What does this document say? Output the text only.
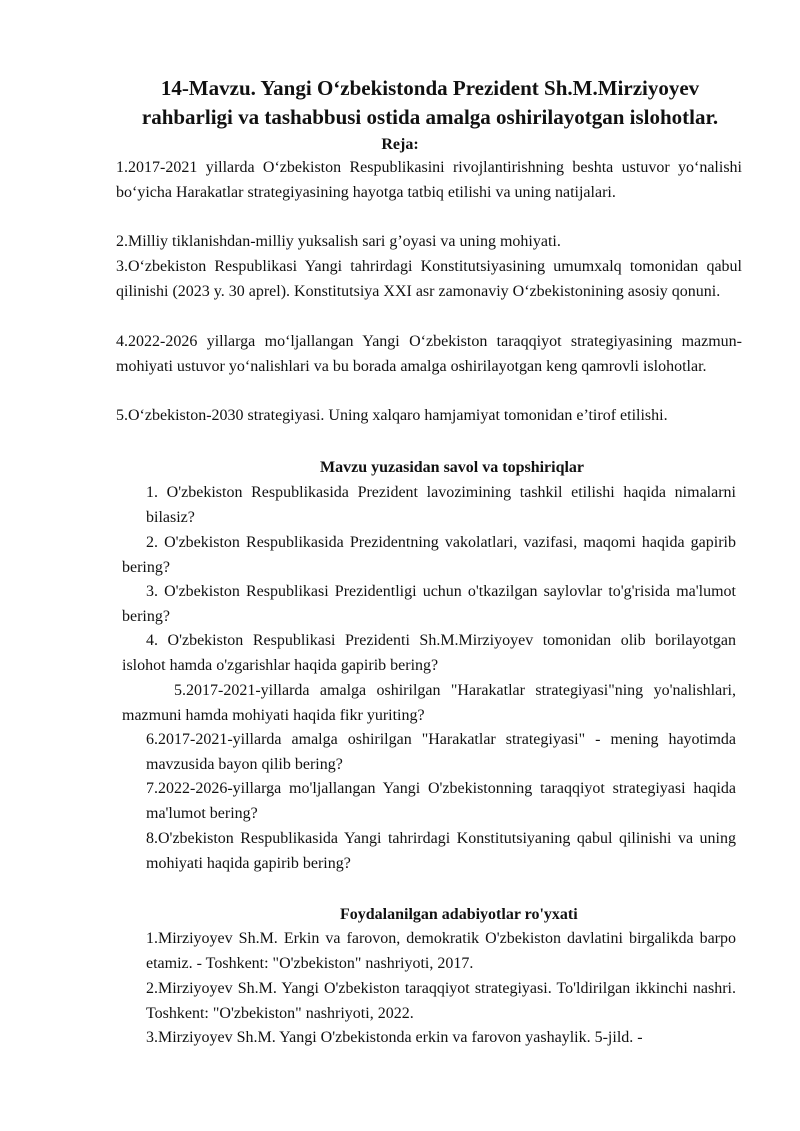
14-Mavzu. Yangi O‘zbekistonda Prezident Sh.M.Mirziyoyev
rahbarligi va tashabbusi ostida amalga oshirilayotgan islohotlar.
Reja:

1.2017-2021 yillarda O‘zbekiston Respublikasini rivojlantirishning beshta ustuvor yo‘nalishi bo‘yicha Harakatlar strategiyasining hayotga tatbiq etilishi va uning natijalari.

2.Milliy tiklanishdan-milliy yuksalish sari g’oyasi va uning mohiyati.

3.O‘zbekiston Respublikasi Yangi tahrirdagi Konstitutsiyasining umumxalq tomonidan qabul qilinishi (2023 y. 30 aprel). Konstitutsiya XXI asr zamonaviy O‘zbekistonining asosiy qonuni.

4.2022-2026 yillarga mo‘ljallangan Yangi O‘zbekiston taraqqiyot strategiyasining mazmun-mohiyati ustuvor yo‘nalishlari va bu borada amalga oshirilayotgan keng qamrovli islohotlar.

5.O‘zbekiston-2030 strategiyasi. Uning xalqaro hamjamiyat tomonidan e’tirof etilishi.

Mavzu yuzasidan savol va topshiriqlar

1. O'zbekiston Respublikasida Prezident lavozimining tashkil etilishi haqida nimalarni bilasiz?

2. O'zbekiston Respublikasida Prezidentning vakolatlari, vazifasi, maqomi haqida gapirib bering?

3. O'zbekiston Respublikasi Prezidentligi uchun o'tkazilgan saylovlar to'g'risida ma'lumot bering?

4. O'zbekiston Respublikasi Prezidenti Sh.M.Mirziyoyev tomonidan olib borilayotgan islohot hamda o'zgarishlar haqida gapirib bering?

5.2017-2021-yillarda amalga oshirilgan "Harakatlar strategiyasi"ning yo'nalishlari, mazmuni hamda mohiyati haqida fikr yuriting?

6.2017-2021-yillarda amalga oshirilgan "Harakatlar strategiyasi" - mening hayotimda mavzusida bayon qilib bering?

7.2022-2026-yillarga mo'ljallangan Yangi O'zbekistonning taraqqiyot strategiyasi haqida ma'lumot bering?

8.O'zbekiston Respublikasida Yangi tahrirdagi Konstitutsiyaning qabul qilinishi va uning mohiyati haqida gapirib bering?

Foydalanilgan adabiyotlar ro'yxati

1.Mirziyoyev Sh.M. Erkin va farovon, demokratik O'zbekiston davlatini birgalikda barpo etamiz. - Toshkent: "O'zbekiston" nashriyoti, 2017.

2.Mirziyoyev Sh.M. Yangi O'zbekiston taraqqiyot strategiyasi. To'ldirilgan ikkinchi nashri. Toshkent: "O'zbekiston" nashriyoti, 2022.

3.Mirziyoyev Sh.M. Yangi O'zbekistonda erkin va farovon yashaylik. 5-jild. -
